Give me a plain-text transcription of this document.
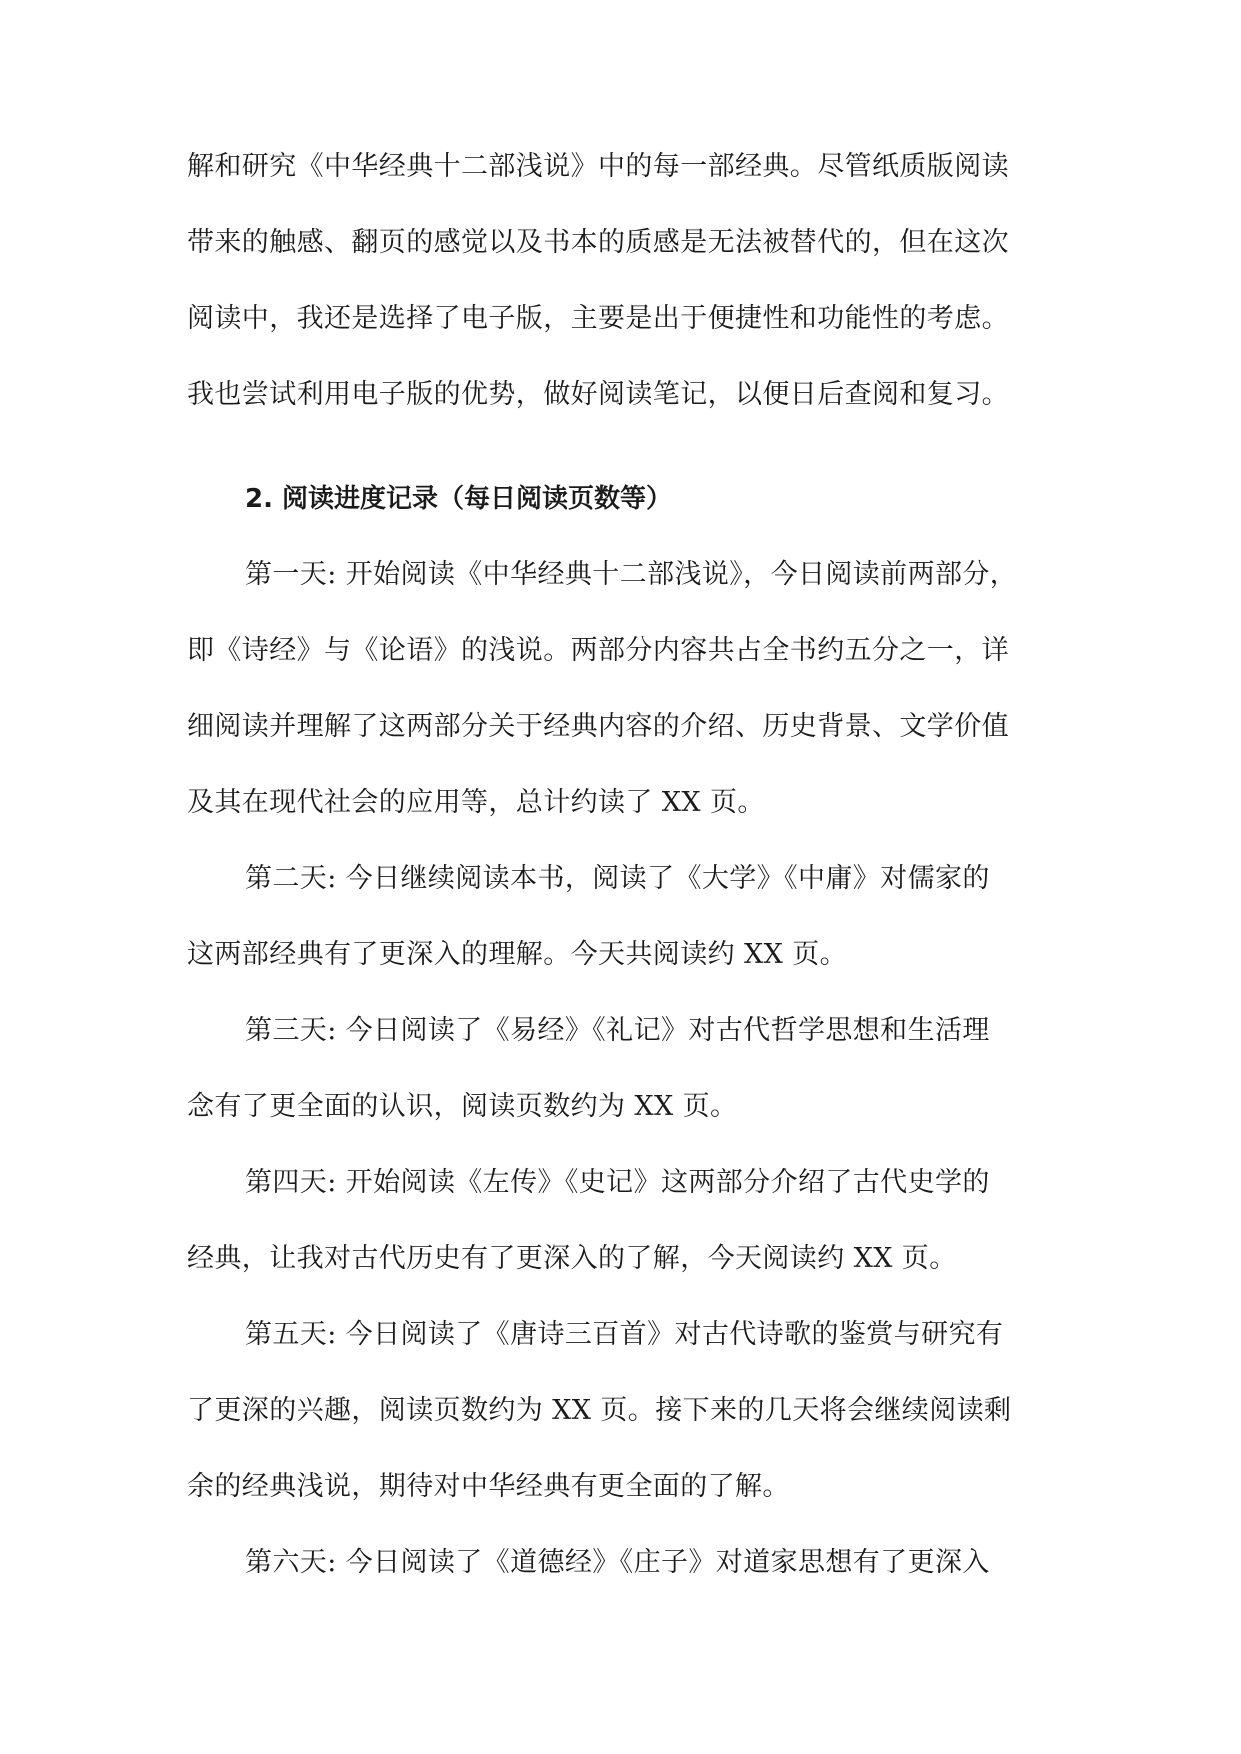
解和研究《中华经典十二部浅说》中的每一部经典。尽管纸质版阅读
带来的触感、翻页的感觉以及书本的质感是无法被替代的，但在这次
阅读中，我还是选择了电子版，主要是出于便捷性和功能性的考虑。
我也尝试利用电子版的优势，做好阅读笔记，以便日后查阅和复习。
2. 阅读进度记录（每日阅读页数等）
第一天: 开始阅读《中华经典十二部浅说》，今日阅读前两部分，
即《诗经》与《论语》的浅说。两部分内容共占全书约五分之一，详
细阅读并理解了这两部分关于经典内容的介绍、历史背景、文学价值
及其在现代社会的应用等，总计约读了 XX 页。
第二天: 今日继续阅读本书，阅读了《大学》《中庸》对儒家的
这两部经典有了更深入的理解。今天共阅读约 XX 页。
第三天: 今日阅读了《易经》《礼记》对古代哲学思想和生活理
念有了更全面的认识，阅读页数约为 XX 页。
第四天: 开始阅读《左传》《史记》这两部分介绍了古代史学的
经典，让我对古代历史有了更深入的了解，今天阅读约 XX 页。
第五天: 今日阅读了《唐诗三百首》对古代诗歌的鉴赏与研究有
了更深的兴趣，阅读页数约为 XX 页。接下来的几天将会继续阅读剩
余的经典浅说，期待对中华经典有更全面的了解。
第六天: 今日阅读了《道德经》《庄子》对道家思想有了更深入
